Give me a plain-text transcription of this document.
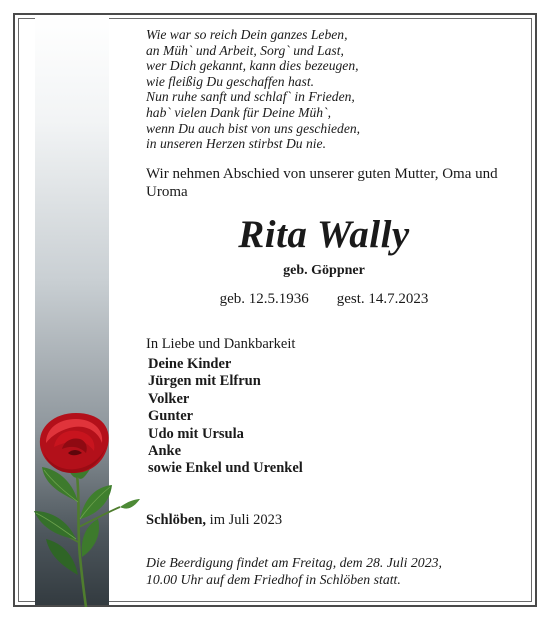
Wie war so reich Dein ganzes Leben,
an Müh` und Arbeit, Sorg` und Last,
wer Dich gekannt, kann dies bezeugen,
wie fleißig Du geschaffen hast.
Nun ruhe sanft und schlaf` in Frieden,
hab` vielen Dank für Deine Müh`,
wenn Du auch bist von uns geschieden,
in unseren Herzen stirbst Du nie.
Wir nehmen Abschied von unserer guten Mutter, Oma und Uroma
Rita Wally
geb. Göppner
geb. 12.5.1936 gest. 14.7.2023
In Liebe und Dankbarkeit
Deine Kinder
Jürgen mit Elfrun
Volker
Gunter
Udo mit Ursula
Anke
sowie Enkel und Urenkel
Schlöben, im Juli 2023
Die Beerdigung findet am Freitag, dem 28. Juli 2023,
10.00 Uhr auf dem Friedhof in Schlöben statt.
